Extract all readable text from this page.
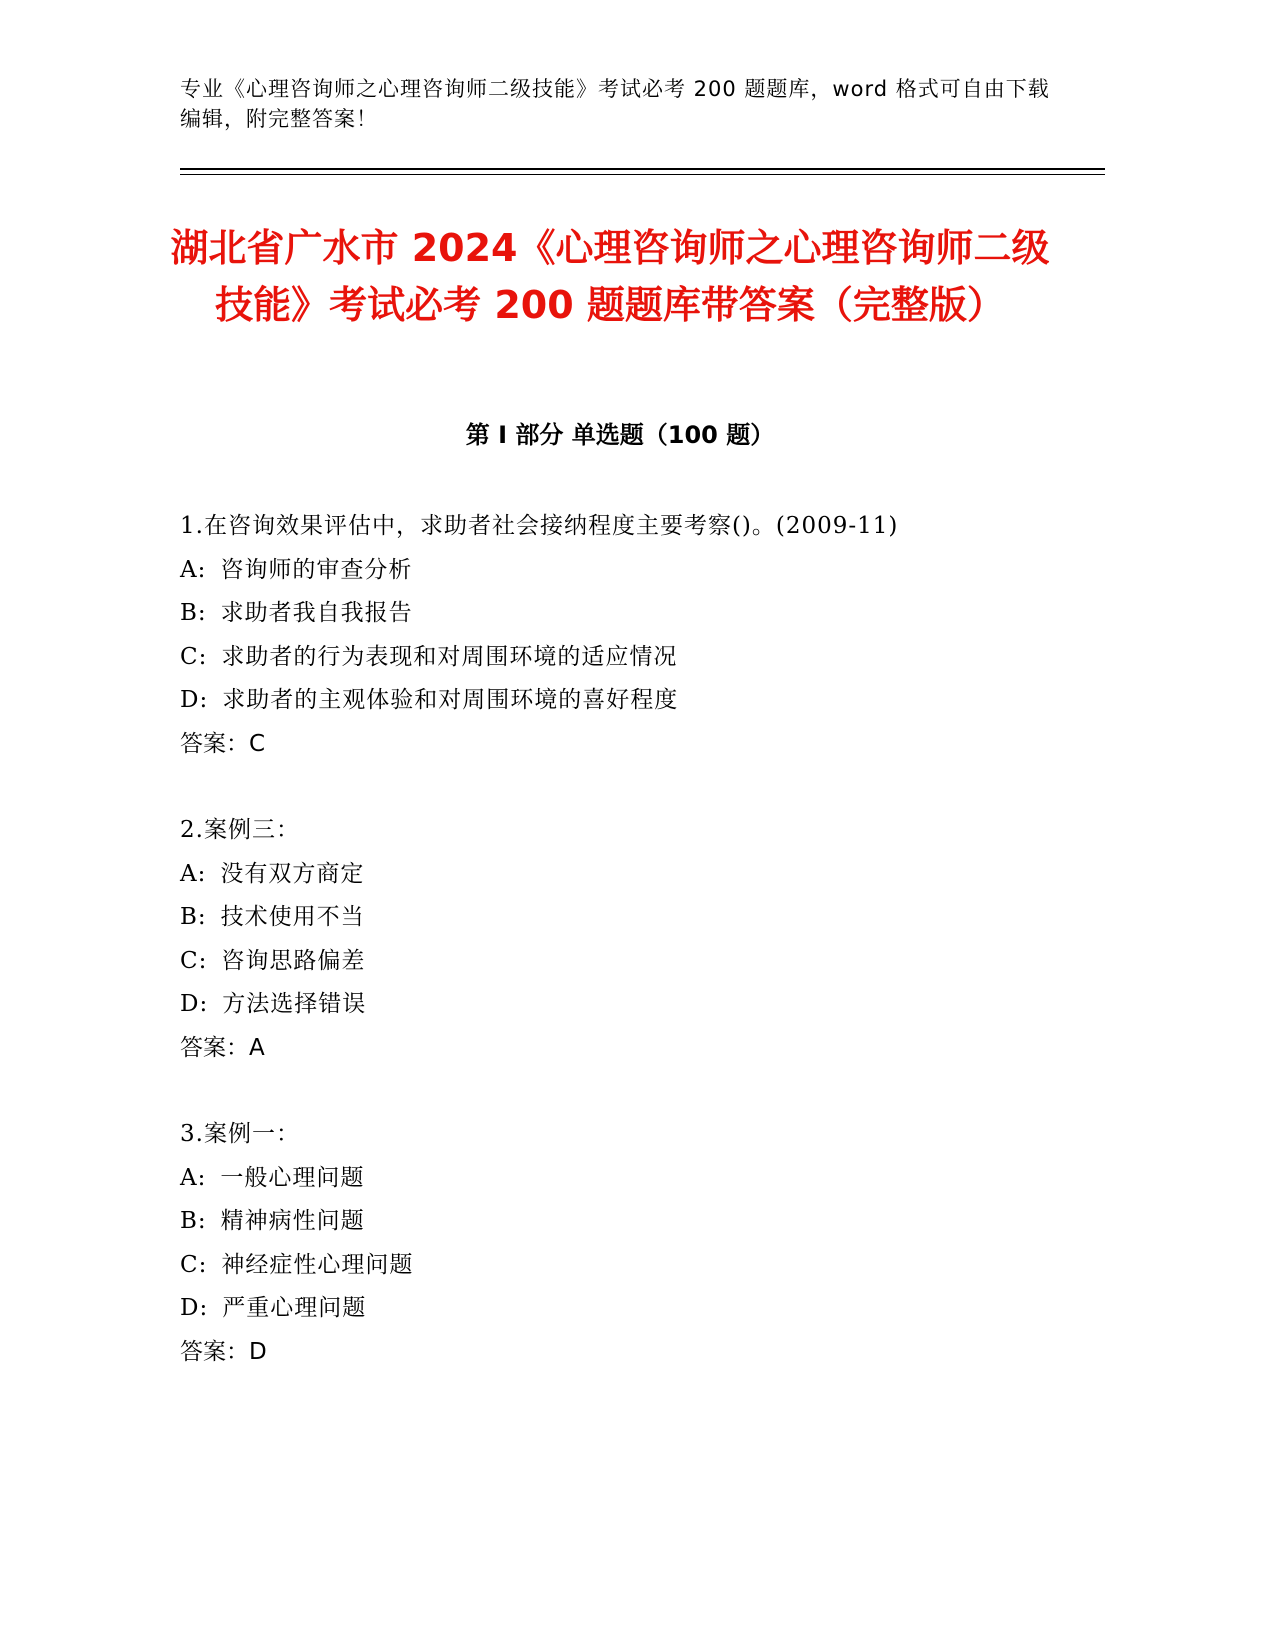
专业《心理咨询师之心理咨询师二级技能》考试必考 200 题题库，word 格式可自由下载编辑，附完整答案！
湖北省广水市 2024《心理咨询师之心理咨询师二级技能》考试必考 200 题题库带答案（完整版）
第 I 部分 单选题（100 题）
1.在咨询效果评估中，求助者社会接纳程度主要考察()。(2009-11)
A: 咨询师的审查分析
B: 求助者我自我报告
C: 求助者的行为表现和对周围环境的适应情况
D: 求助者的主观体验和对周围环境的喜好程度
答案：C
2.案例三：
A: 没有双方商定
B: 技术使用不当
C: 咨询思路偏差
D: 方法选择错误
答案：A
3.案例一：
A: 一般心理问题
B: 精神病性问题
C: 神经症性心理问题
D: 严重心理问题
答案：D
